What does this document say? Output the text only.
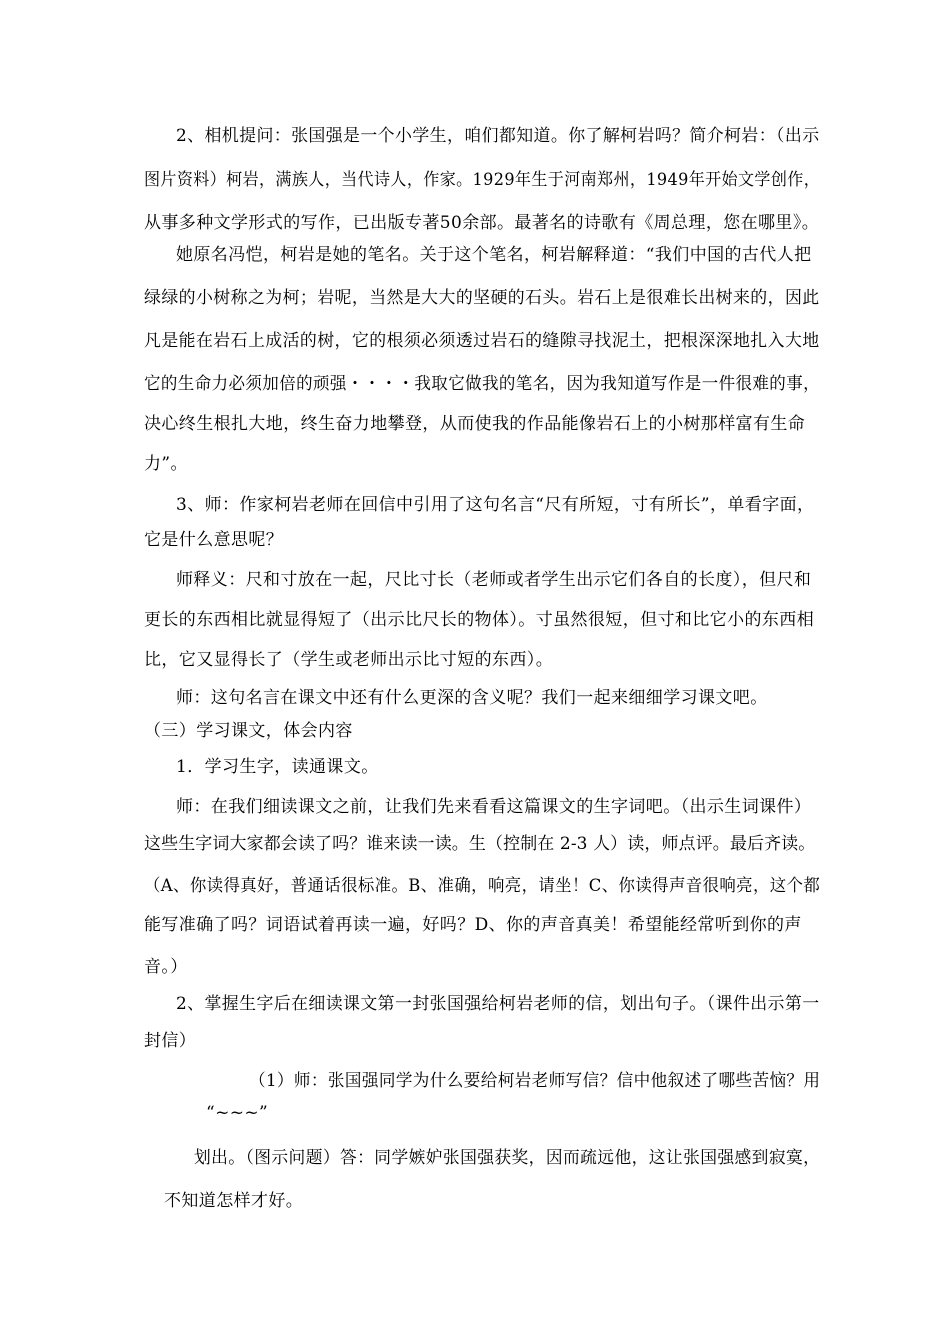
2、相机提问：张国强是一个小学生，咱们都知道。你了解柯岩吗？简介柯岩：（出示
图片资料）柯岩，满族人，当代诗人，作家。1929年生于河南郑州，1949年开始文学创作，
从事多种文学形式的写作，已出版专著50余部。最著名的诗歌有《周总理，您在哪里》。
她原名冯恺，柯岩是她的笔名。关于这个笔名，柯岩解释道：“我们中国的古代人把
绿绿的小树称之为柯；岩呢，当然是大大的坚硬的石头。岩石上是很难长出树来的，因此
凡是能在岩石上成活的树，它的根须必须透过岩石的缝隙寻找泥土，把根深深地扎入大地
它的生命力必须加倍的顽强・・・・我取它做我的笔名，因为我知道写作是一件很难的事，
决心终生根扎大地，终生奋力地攀登，从而使我的作品能像岩石上的小树那样富有生命
力”。
3、师：作家柯岩老师在回信中引用了这句名言“尺有所短，寸有所长”，单看字面，
它是什么意思呢？
师释义：尺和寸放在一起，尺比寸长（老师或者学生出示它们各自的长度），但尺和
更长的东西相比就显得短了（出示比尺长的物体）。寸虽然很短，但寸和比它小的东西相
比，它又显得长了（学生或老师出示比寸短的东西）。
师：这句名言在课文中还有什么更深的含义呢？我们一起来细细学习课文吧。
（三）学习课文，体会内容
1．学习生字，读通课文。
师：在我们细读课文之前，让我们先来看看这篇课文的生字词吧。（出示生词课件）
这些生字词大家都会读了吗？谁来读一读。生（控制在 2-3 人）读，师点评。最后齐读。
（A、你读得真好，普通话很标准。B、准确，响亮，请坐！C、你读得声音很响亮，这个都
能写准确了吗？词语试着再读一遍，好吗？D、你的声音真美！希望能经常听到你的声
音。）
2、掌握生字后在细读课文第一封张国强给柯岩老师的信，划出句子。（课件出示第一
封信）
（1）师：张国强同学为什么要给柯岩老师写信？信中他叙述了哪些苦恼？用
“~~~”
划出。（图示问题）答：同学嫉妒张国强获奖，因而疏远他，这让张国强感到寂寞，
不知道怎样才好。
